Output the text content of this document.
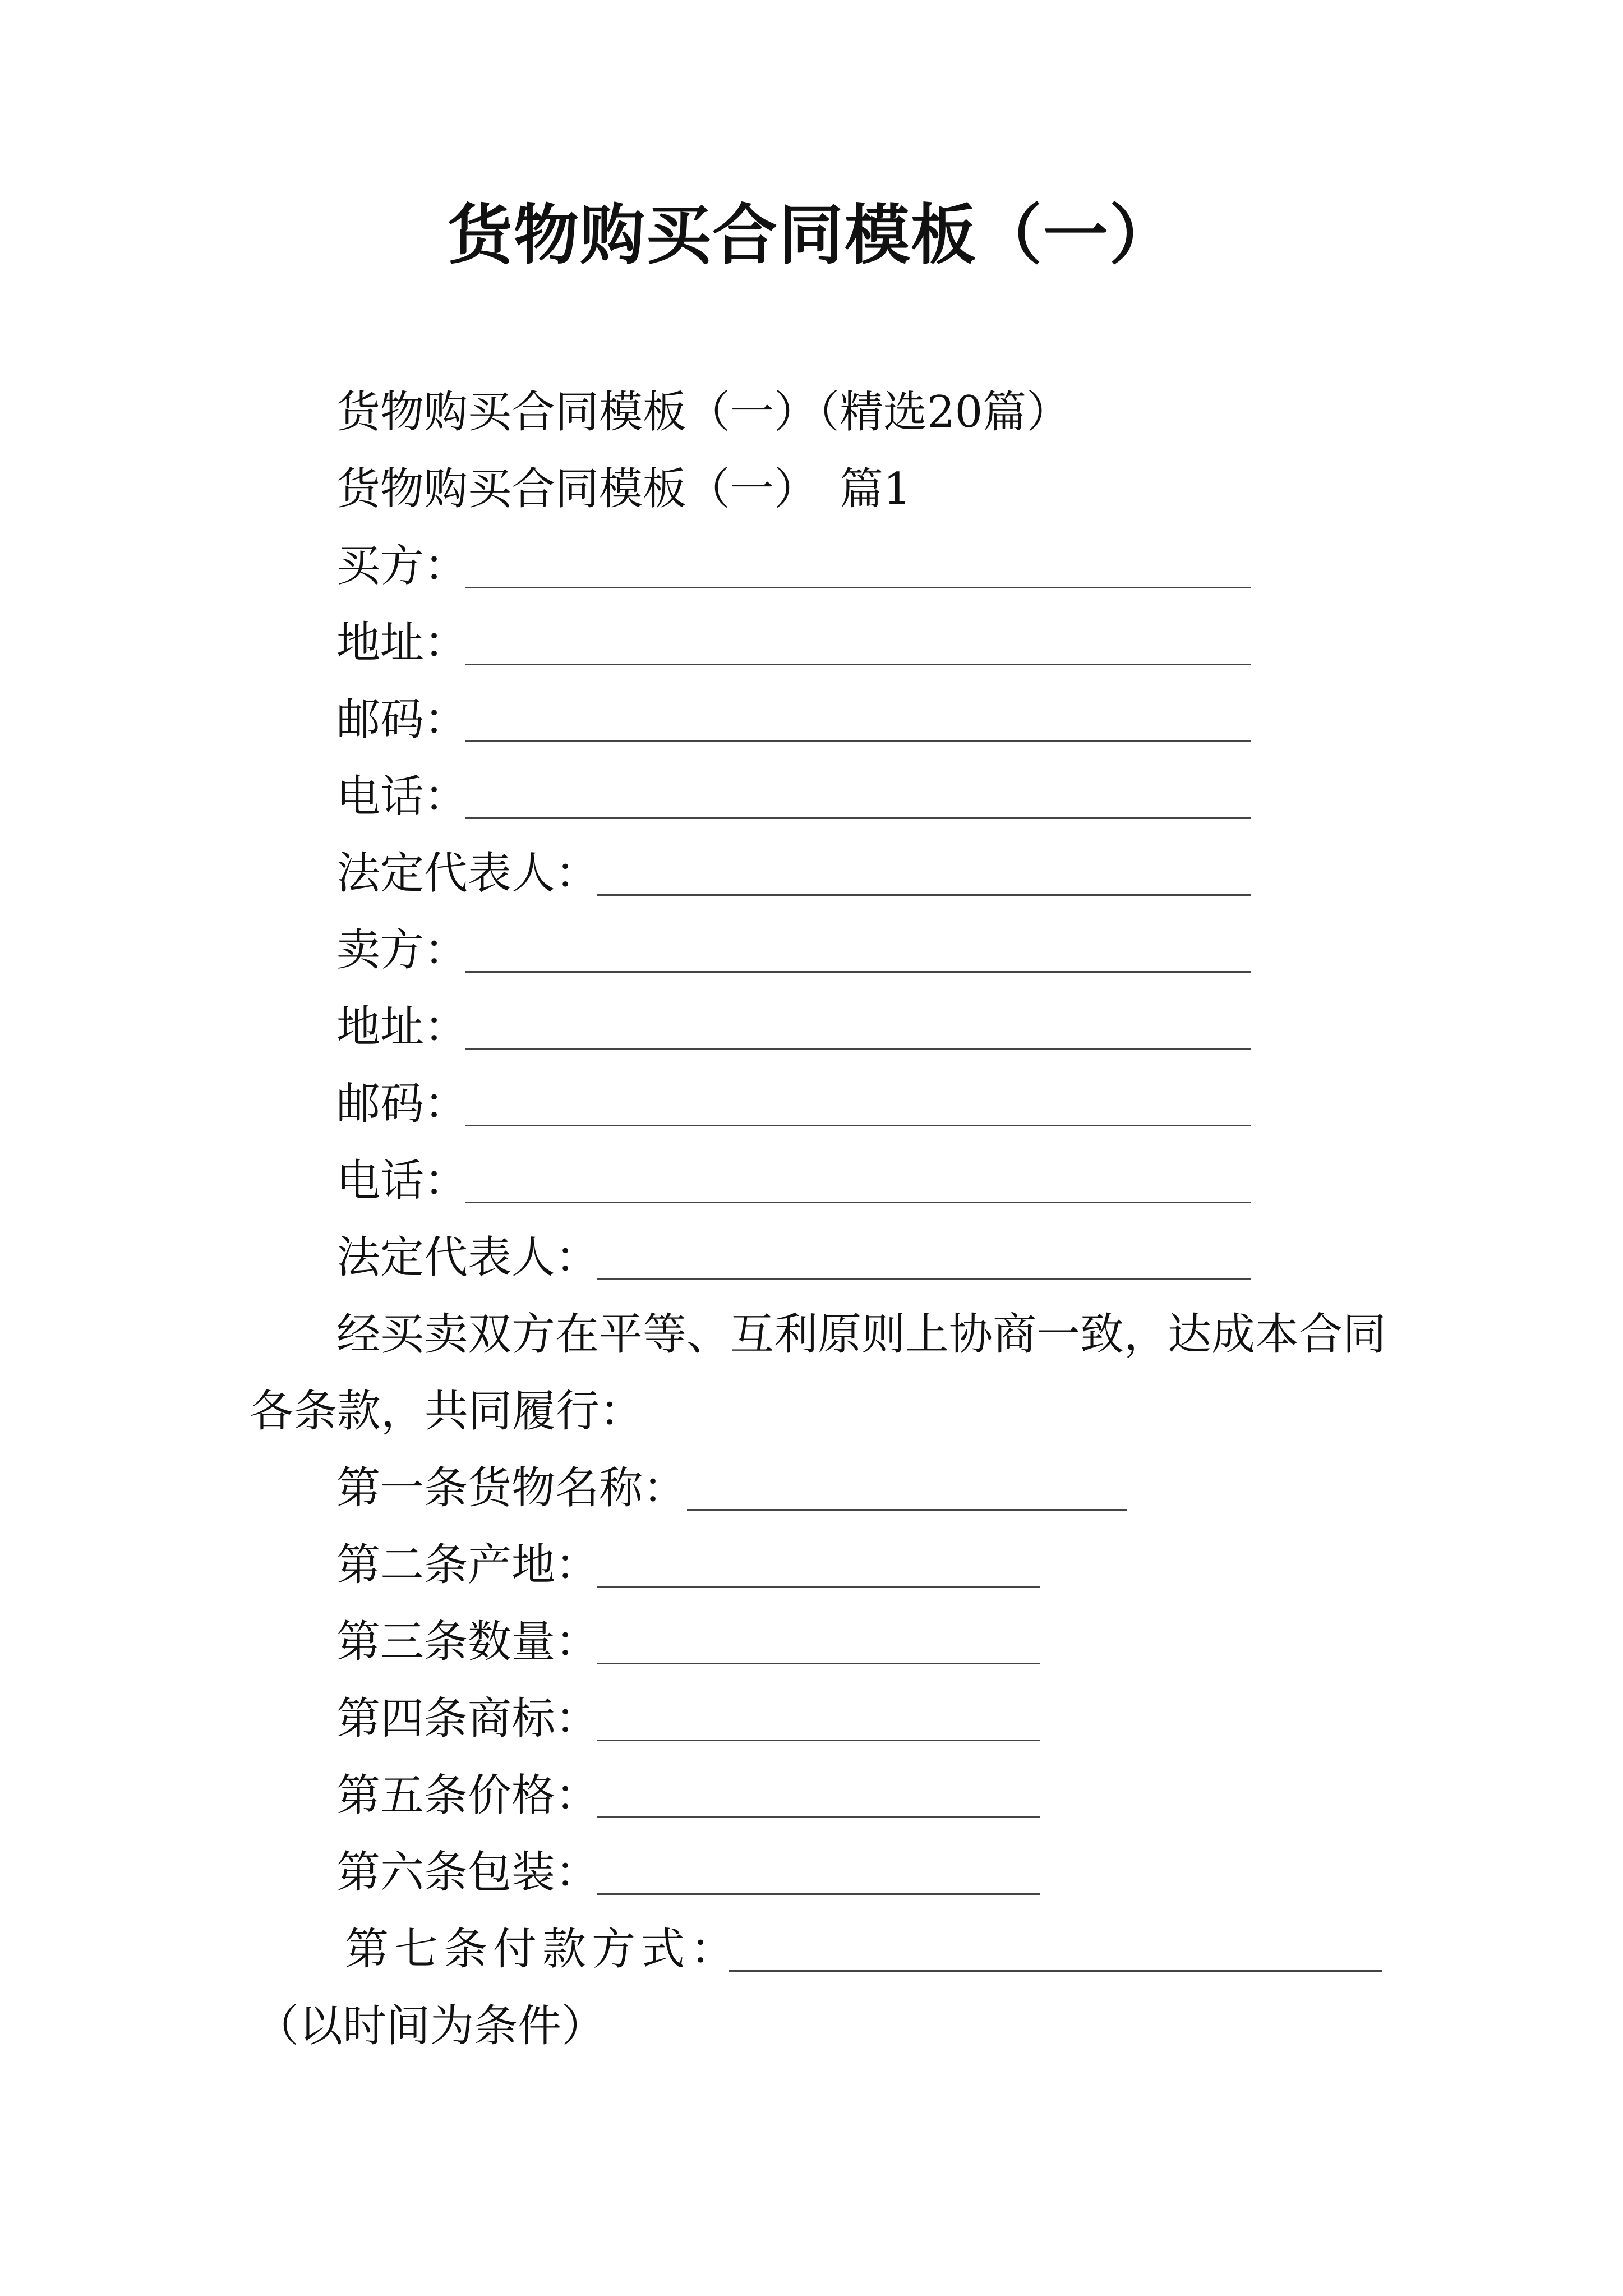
货物购买合同模板（一）
货物购买合同模板（一）（精选20篇）
货物购买合同模板（一）　篇1
买方：
地址：
邮码：
电话：
法定代表人：
卖方：
地址：
邮码：
电话：
法定代表人：
经买卖双方在平等、互利原则上协商一致，达成本合同
各条款，共同履行：
第一条货物名称：
第二条产地：
第三条数量：
第四条商标：
第五条价格：
第六条包装：
第七条付款方式：
（以时间为条件）
